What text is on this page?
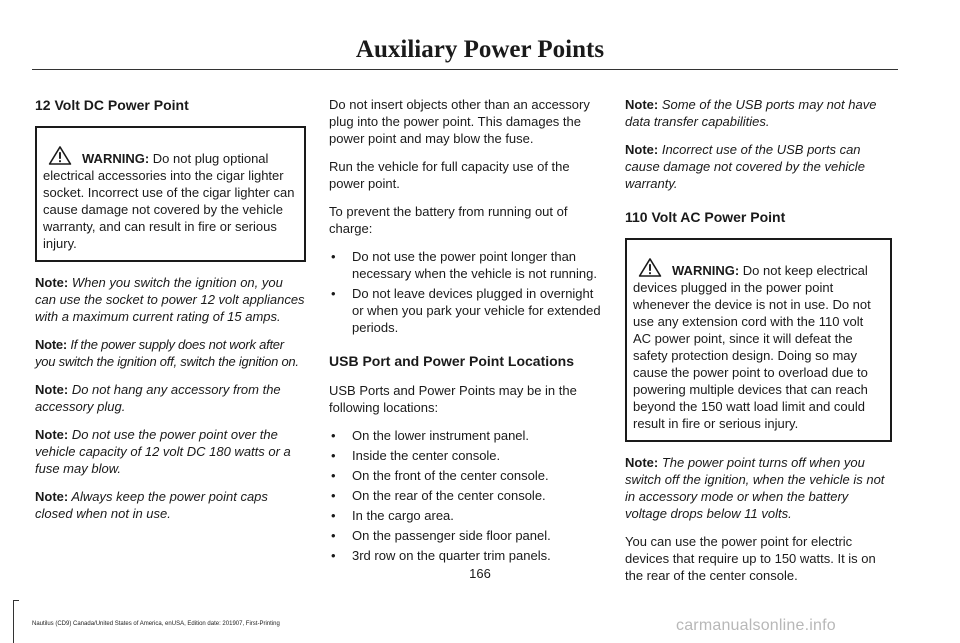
Auxiliary Power Points
12 Volt DC Power Point
WARNING: Do not plug optional electrical accessories into the cigar lighter socket. Incorrect use of the cigar lighter can cause damage not covered by the vehicle warranty, and can result in fire or serious injury.

Note: When you switch the ignition on, you can use the socket to power 12 volt appliances with a maximum current rating of 15 amps.

Note: If the power supply does not work after you switch the ignition off, switch the ignition on.

Note: Do not hang any accessory from the accessory plug.

Note: Do not use the power point over the vehicle capacity of 12 volt DC 180 watts or a fuse may blow.

Note: Always keep the power point caps closed when not in use.

Do not insert objects other than an accessory plug into the power point. This damages the power point and may blow the fuse.

Run the vehicle for full capacity use of the power point.

To prevent the battery from running out of charge:

• Do not use the power point longer than necessary when the vehicle is not running.
• Do not leave devices plugged in overnight or when you park your vehicle for extended periods.
USB Port and Power Point Locations

USB Ports and Power Points may be in the following locations:

• On the lower instrument panel.
• Inside the center console.
• On the front of the center console.
• On the rear of the center console.
• In the cargo area.
• On the passenger side floor panel.
• 3rd row on the quarter trim panels.

Note: Some of the USB ports may not have data transfer capabilities.

Note: Incorrect use of the USB ports can cause damage not covered by the vehicle warranty.

110 Volt AC Power Point
WARNING: Do not keep electrical devices plugged in the power point whenever the device is not in use. Do not use any extension cord with the 110 volt AC power point, since it will defeat the safety protection design. Doing so may cause the power point to overload due to powering multiple devices that can reach beyond the 150 watt load limit and could result in fire or serious injury.

Note: The power point turns off when you switch off the ignition, when the vehicle is not in accessory mode or when the battery voltage drops below 11 volts.

You can use the power point for electric devices that require up to 150 watts. It is on the rear of the center console.

166
Nautilus (CD9) Canada/United States of America, enUSA, Edition date: 201907, First-Printing	carmanualsonline.info
